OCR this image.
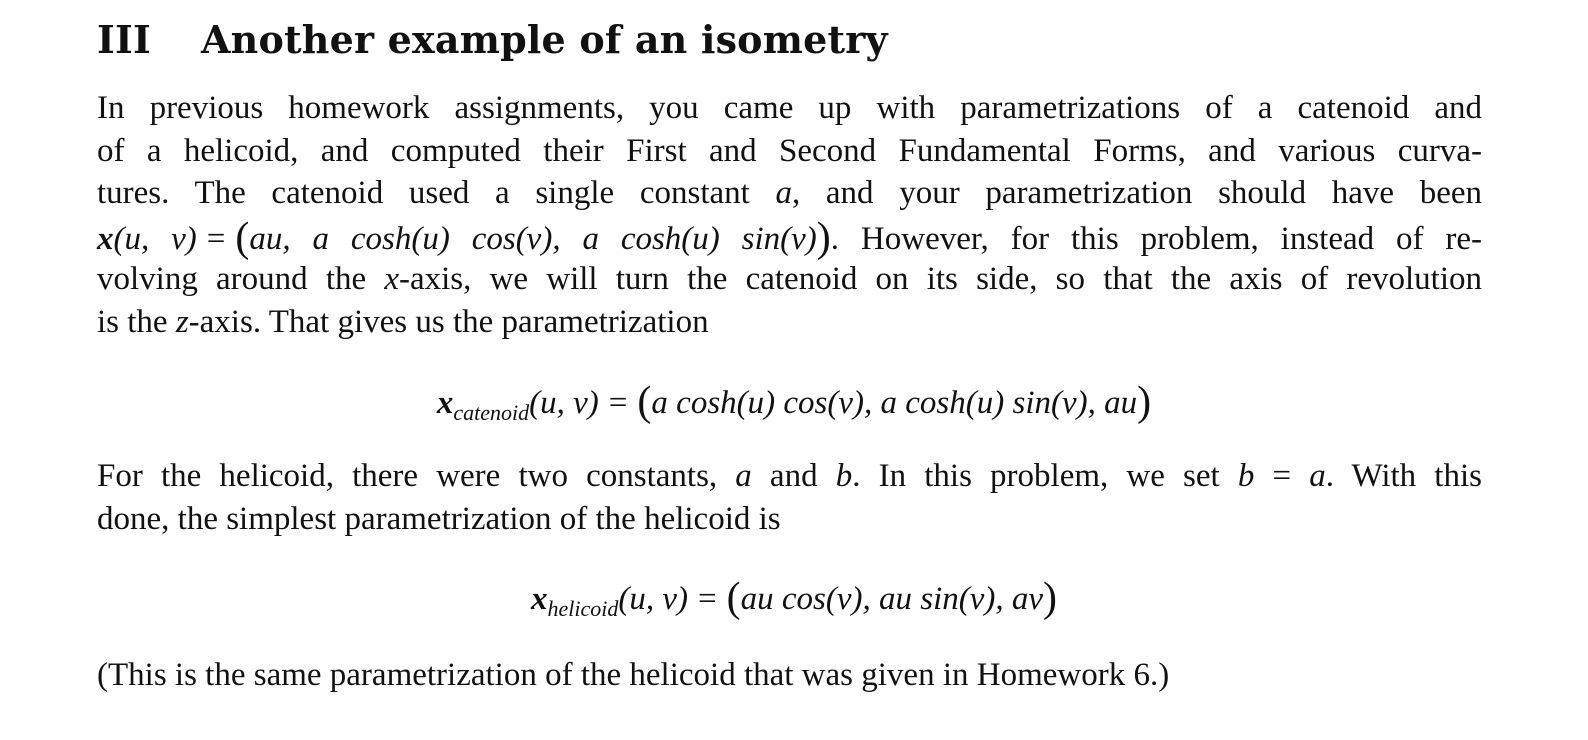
III Another example of an isometry
In previous homework assignments, you came up with parametrizations of a catenoid and
of a helicoid, and computed their First and Second Fundamental Forms, and various curva-
tures. The catenoid used a single constant a, and your parametrization should have been
x(u, v) = (au, a cosh(u) cos(v), a cosh(u) sin(v)). However, for this problem, instead of re-
volving around the x-axis, we will turn the catenoid on its side, so that the axis of revolution
is the z-axis. That gives us the parametrization
$x_{catenoid}(u$, v) = (a cosh(u) cos(v), a cosh(u) sin(v), au)
For the helicoid, there were two constants, a and b. In this problem, we set b = a. With this
done, the simplest parametrization of the helicoid is
$x_{helicoid}(u$, v) = (au cos(v), au sin(v), av)
(This is the same parametrization of the helicoid that was given in Homework 6.)
